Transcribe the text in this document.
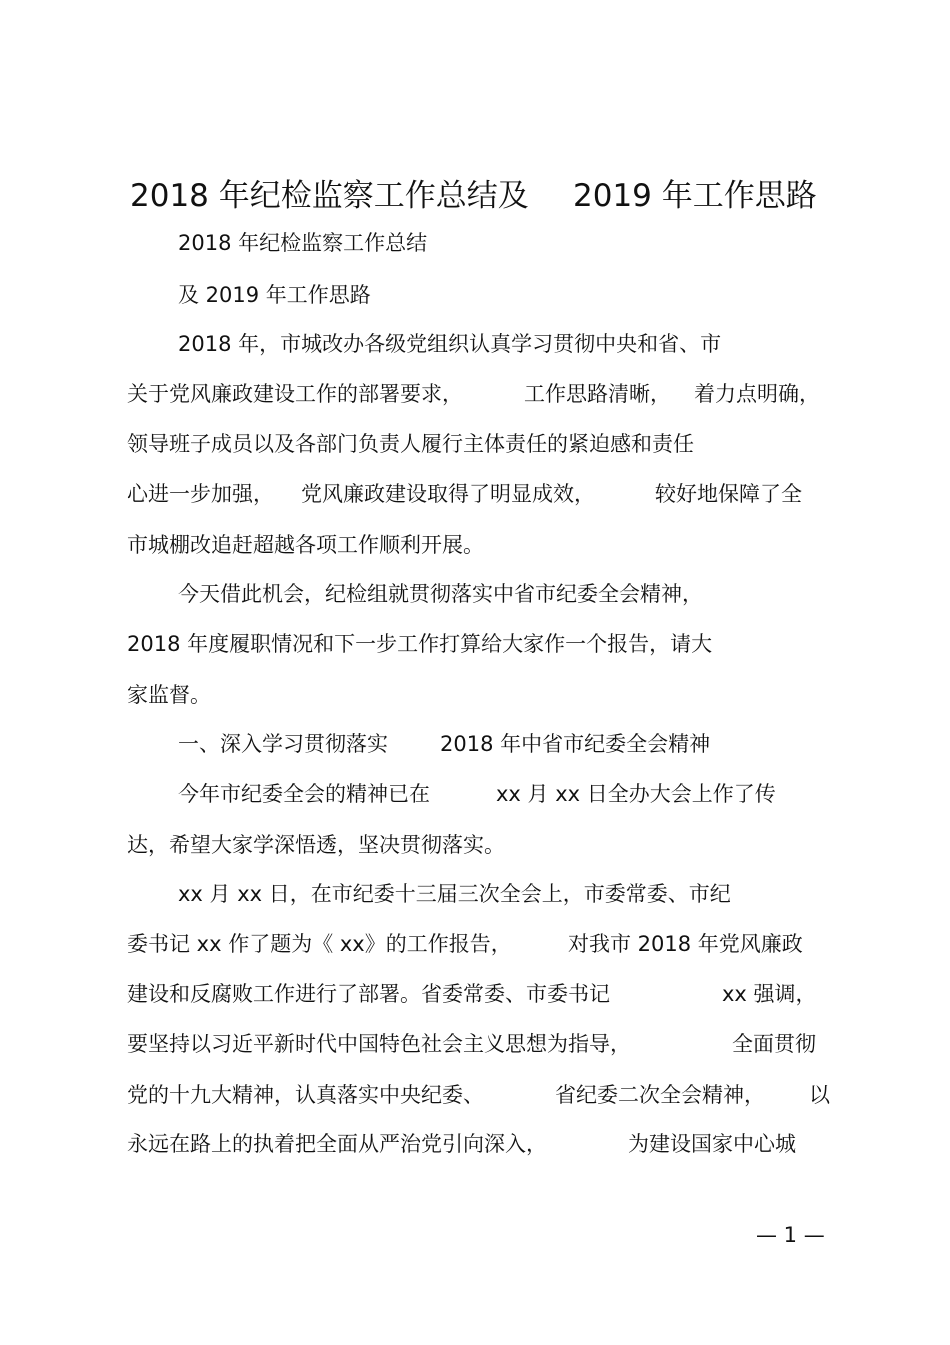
2018 年纪检监察工作总结及 2019 年工作思路
2018 年纪检监察工作总结
及 2019 年工作思路
2018 年，市城改办各级党组织认真学习贯彻中央和省、市
关于党风廉政建设工作的部署要求，	工作思路清晰， 着力点明确，
领导班子成员以及各部门负责人履行主体责任的紧迫感和责任
心进一步加强， 党风廉政建设取得了明显成效，	较好地保障了全
市城棚改追赶超越各项工作顺利开展。
今天借此机会，纪检组就贯彻落实中省市纪委全会精神，
2018 年度履职情况和下一步工作打算给大家作一个报告，请大
家监督。
一、深入学习贯彻落实 2018 年中省市纪委全会精神
今年市纪委全会的精神已在	xx 月 xx 日全办大会上作了传
达，希望大家学深悟透，坚决贯彻落实。
xx 月 xx 日，在市纪委十三届三次全会上，市委常委、市纪
委书记 xx 作了题为《 xx》的工作报告，	对我市 2018 年党风廉政
建设和反腐败工作进行了部署。省委常委、市委书记	xx 强调，
要坚持以习近平新时代中国特色社会主义思想为指导，	全面贯彻
党的十九大精神，认真落实中央纪委、	省纪委二次全会精神， 以
永远在路上的执着把全面从严治党引向深入，	为建设国家中心城
— 1 —
